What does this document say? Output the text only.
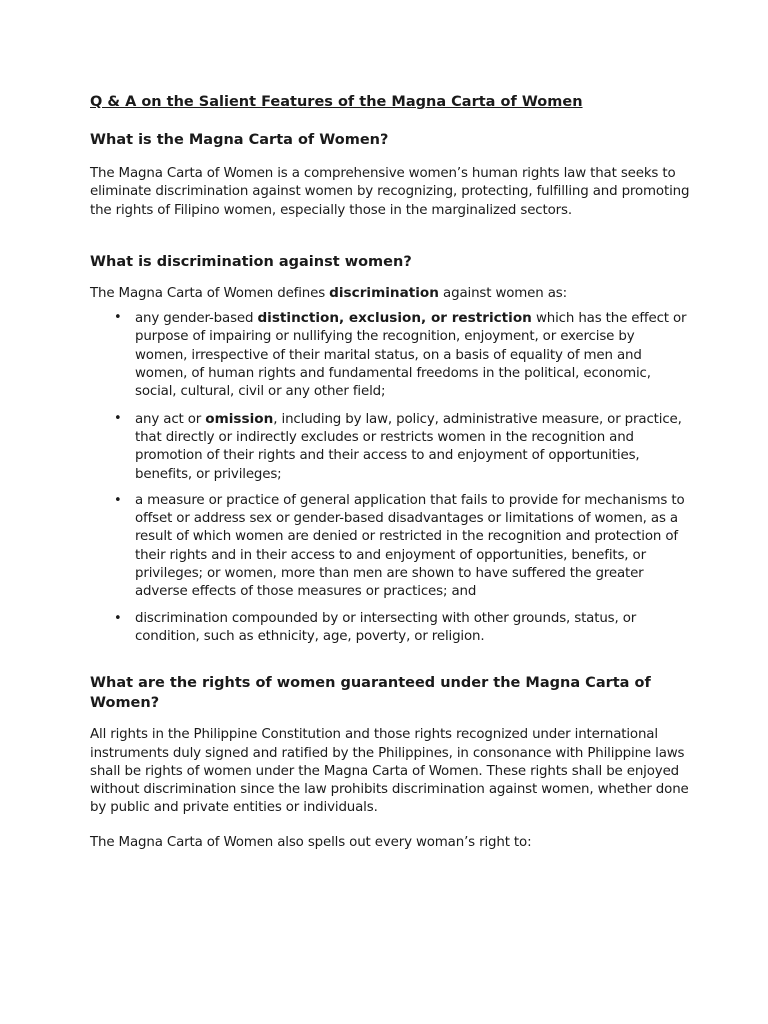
Q & A on the Salient Features of the Magna Carta of Women
What is the Magna Carta of Women?

The Magna Carta of Women is a comprehensive women’s human rights law that seeks to eliminate discrimination against women by recognizing, protecting, fulfilling and promoting the rights of Filipino women, especially those in the marginalized sectors.

What is discrimination against women?

The Magna Carta of Women defines discrimination against women as:

• any gender-based distinction, exclusion, or restriction which has the effect or purpose of impairing or nullifying the recognition, enjoyment, or exercise by women, irrespective of their marital status, on a basis of equality of men and women, of human rights and fundamental freedoms in the political, economic, social, cultural, civil or any other field;

• any act or omission, including by law, policy, administrative measure, or practice, that directly or indirectly excludes or restricts women in the recognition and promotion of their rights and their access to and enjoyment of opportunities, benefits, or privileges;

• a measure or practice of general application that fails to provide for mechanisms to offset or address sex or gender-based disadvantages or limitations of women, as a result of which women are denied or restricted in the recognition and protection of their rights and in their access to and enjoyment of opportunities, benefits, or privileges; or women, more than men are shown to have suffered the greater adverse effects of those measures or practices; and

• discrimination compounded by or intersecting with other grounds, status, or condition, such as ethnicity, age, poverty, or religion.

What are the rights of women guaranteed under the Magna Carta of Women?

All rights in the Philippine Constitution and those rights recognized under international instruments duly signed and ratified by the Philippines, in consonance with Philippine laws shall be rights of women under the Magna Carta of Women. These rights shall be enjoyed without discrimination since the law prohibits discrimination against women, whether done by public and private entities or individuals.

The Magna Carta of Women also spells out every woman’s right to:
